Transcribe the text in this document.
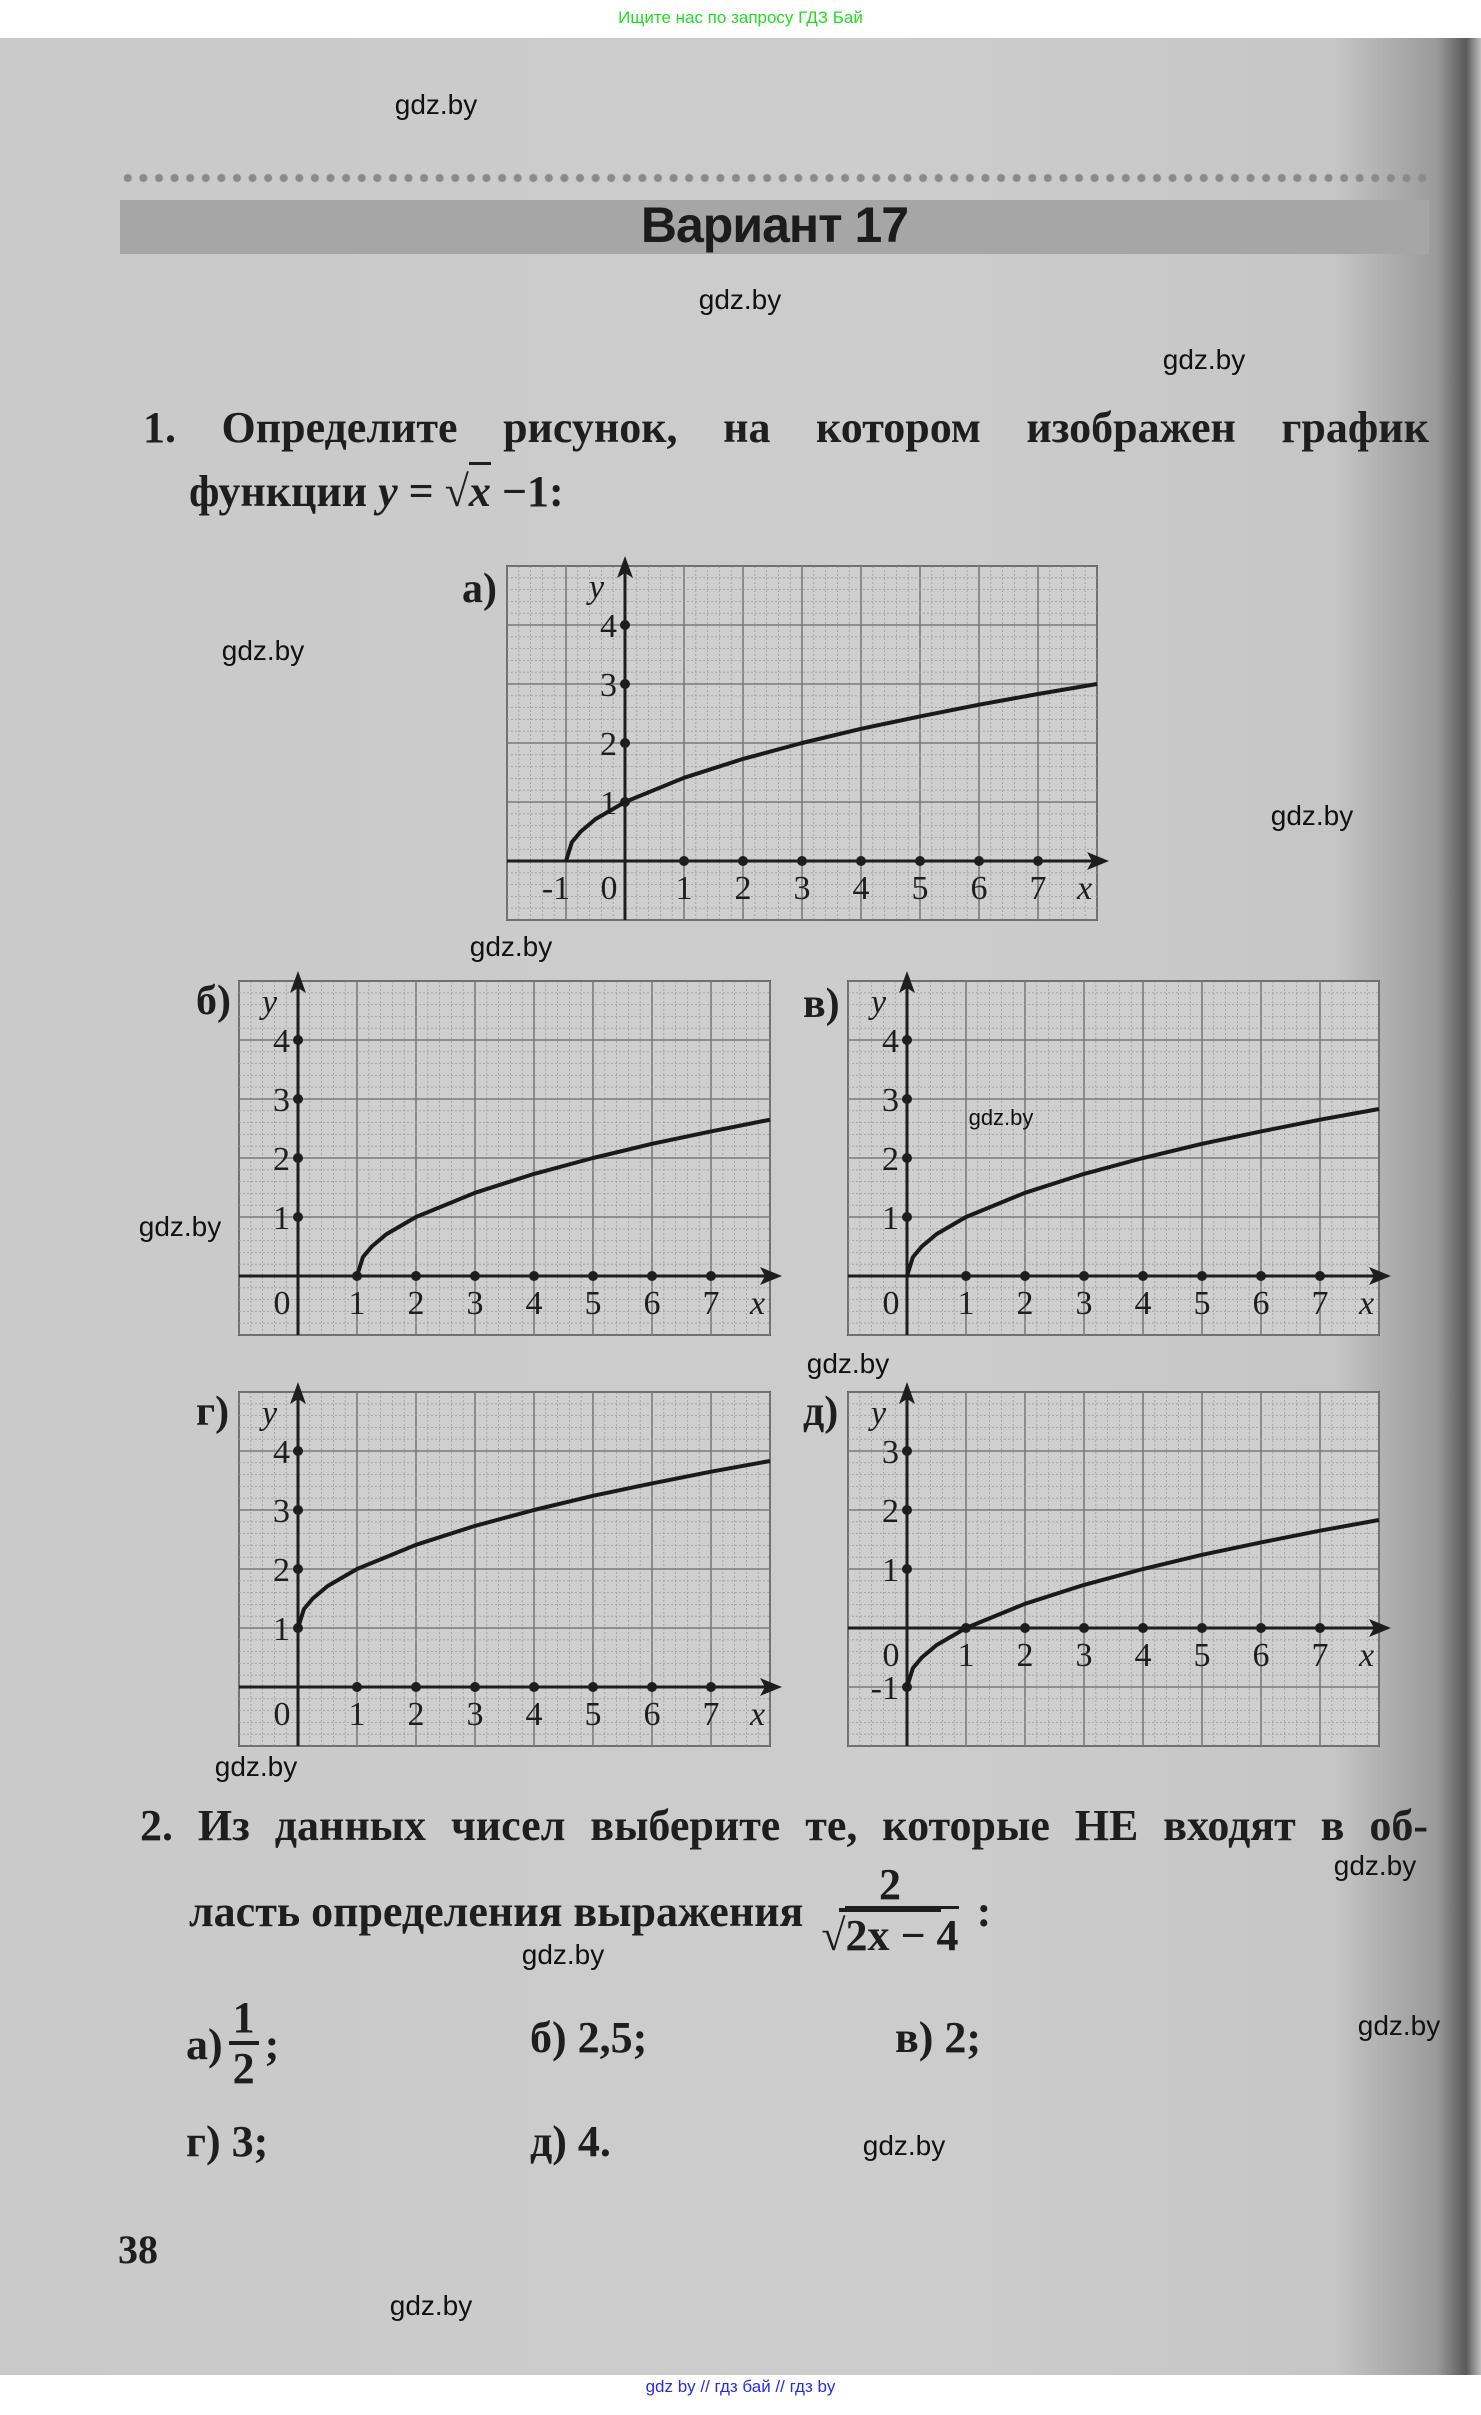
Ищите нас по запросу ГДЗ Бай
Вариант 17
1. Определите рисунок, на котором изображен график
функции y = √x −1:
а)
б)	в)
г)	д)
-1 0 1 2 3 4 5 6 7
1
2
3
4
x
y
0 1 2 3 4 5 6 7
1
2
3
4
x
y
0 1 2 3 4 5 6 7
1
2
3
4
x
y
0 1 2 3 4 5 6 7
1
2
3
4
x
y
0 1 2 3 4 5 6 7
-1
1
2
3
x
y
2. Из данных чисел выберите те, которые НЕ входят в об-
ласть определения выражения $\frac{2}{√2x - 4}$ :
$а) \frac{1}{2}$ ;	б) 2,5;	в) 2;
г) 3;	д) 4.
38
gdz.by
gdz.by
gdz.by
gdz.by
gdz.by
gdz.by
gdz.by
gdz.by
gdz.by
gdz.by
gdz.by
gdz.by
gdz.by
gdz.by
gdz.by
gdz by // гдз бай // гдз by
